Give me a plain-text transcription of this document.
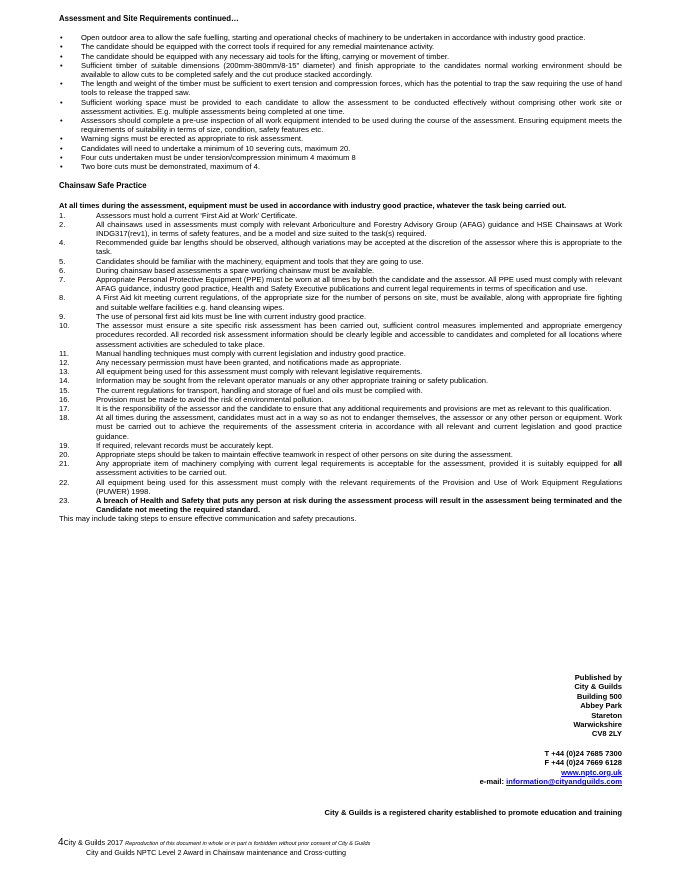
Assessment and Site Requirements continued…

• Open outdoor area to allow the safe fuelling, starting and operational checks of machinery to be undertaken in accordance with industry good practice.
• The candidate should be equipped with the correct tools if required for any remedial maintenance activity.
• The candidate should be equipped with any necessary aid tools for the lifting, carrying or movement of timber.
• Sufficient timber of suitable dimensions (200mm-380mm/8-15" diameter) and finish appropriate to the candidates normal working environment should be available to allow cuts to be completed safely and the cut produce stacked accordingly.
• The length and weight of the timber must be sufficient to exert tension and compression forces, which has the potential to trap the saw requiring the use of hand tools to release the trapped saw.
• Sufficient working space must be provided to each candidate to allow the assessment to be conducted effectively without comprising other work site or assessment activities. E.g. multiple assessments being completed at one time.
• Assessors should complete a pre-use inspection of all work equipment intended to be used during the course of the assessment. Ensuring equipment meets the requirements of suitability in terms of size, condition, safety features etc.
• Warning signs must be erected as appropriate to risk assessment.
• Candidates will need to undertake a minimum of 10 severing cuts, maximum 20.
• Four cuts undertaken must be under tension/compression minimum 4 maximum 8
• Two bore cuts must be demonstrated, maximum of 4.

Chainsaw Safe Practice

At all times during the assessment, equipment must be used in accordance with industry good practice, whatever the task being carried out.
1.	Assessors must hold a current ‘First Aid at Work’ Certificate.
2.	All chainsaws used in assessments must comply with relevant Arboriculture and Forestry Advisory Group (AFAG) guidance and HSE Chainsaws at Work INDG317(rev1), in terms of safety features, and be a model and size suited to the task(s) required.
4.	Recommended guide bar lengths should be observed, although variations may be accepted at the discretion of the assessor where this is appropriate to the task.
5.	Candidates should be familiar with the machinery, equipment and tools that they are going to use.
6.	During chainsaw based assessments a spare working chainsaw must be available.
7.	Appropriate Personal Protective Equipment (PPE) must be worn at all times by both the candidate and the assessor. All PPE used must comply with relevant AFAG guidance, industry good practice, Health and Safety Executive publications and current legal requirements in terms of specification and use.
8.	A First Aid kit meeting current regulations, of the appropriate size for the number of persons on site, must be available, along with appropriate fire fighting and suitable welfare facilities e.g. hand cleansing wipes.
9.	The use of personal first aid kits must be line with current industry good practice.
10.	The assessor must ensure a site specific risk assessment has been carried out, sufficient control measures implemented and appropriate emergency procedures recorded. All recorded risk assessment information should be clearly legible and accessible to candidates and completed for all locations where assessment activities are scheduled to take place.
11.	Manual handling techniques must comply with current legislation and industry good practice.
12.	Any necessary permission must have been granted, and notifications made as appropriate.
13.	All equipment being used for this assessment must comply with relevant legislative requirements.
14.	Information may be sought from the relevant operator manuals or any other appropriate training or safety publication.
15.	The current regulations for transport, handling and storage of fuel and oils must be complied with.
16.	Provision must be made to avoid the risk of environmental pollution.
17.	It is the responsibility of the assessor and the candidate to ensure that any additional requirements and provisions are met as relevant to this qualification.
18.	At all times during the assessment, candidates must act in a way so as not to endanger themselves, the assessor or any other person or equipment. Work must be carried out to achieve the requirements of the assessment criteria in accordance with all relevant and current legislation and good practice guidance.
19.	If required, relevant records must be accurately kept.
20.	Appropriate steps should be taken to maintain effective teamwork in respect of other persons on site during the assessment.
21.	Any appropriate item of machinery complying with current legal requirements is acceptable for the assessment, provided it is suitably equipped for all assessment activities to be carried out.
22.	All equipment being used for this assessment must comply with the relevant requirements of the Provision and Use of Work Equipment Regulations (PUWER) 1998.
23.	A breach of Health and Safety that puts any person at risk during the assessment process will result in the assessment being terminated and the Candidate not meeting the required standard.
This may include taking steps to ensure effective communication and safety precautions.
Published by
City & Guilds
Building 500
Abbey Park
Stareton
Warwickshire
CV8 2LY
T +44 (0)24 7685 7300
F +44 (0)24 7669 6128
www.nptc.org.uk
e-mail: information@cityandguilds.com
City & Guilds is a registered charity established to promote education and training
4City & Guilds 2017 Reproduction of this document in whole or in part is forbidden without prior consent of City & Guilds
City and Guilds NPTC Level 2 Award in Chainsaw maintenance and Cross-cutting
